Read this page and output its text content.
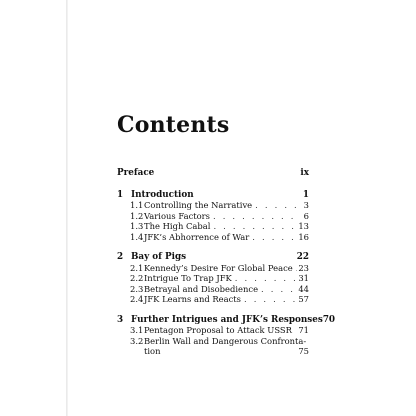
Contents
Preface	ix
1 Introduction	1
1.1 Controlling the Narrative . . .	3
1.2 Various Factors . . .	6
1.3 The High Cabal . . .	13
1.4 JFK’s Abhorrence of War . . .	16
2 Bay of Pigs	22
2.1 Kennedy’s Desire For Global Peace . . . 23
2.2 Intrigue To Trap JFK . . .	31
2.3 Betrayal and Disobedience . . .	44
2.4 JFK Learns and Reacts . . .	57
3 Further Intrigues and JFK’s Responses 70
3.1 Pentagon Proposal to Attack USSR 71
3.2 Berlin Wall and Dangerous Confronta-
tion	75
